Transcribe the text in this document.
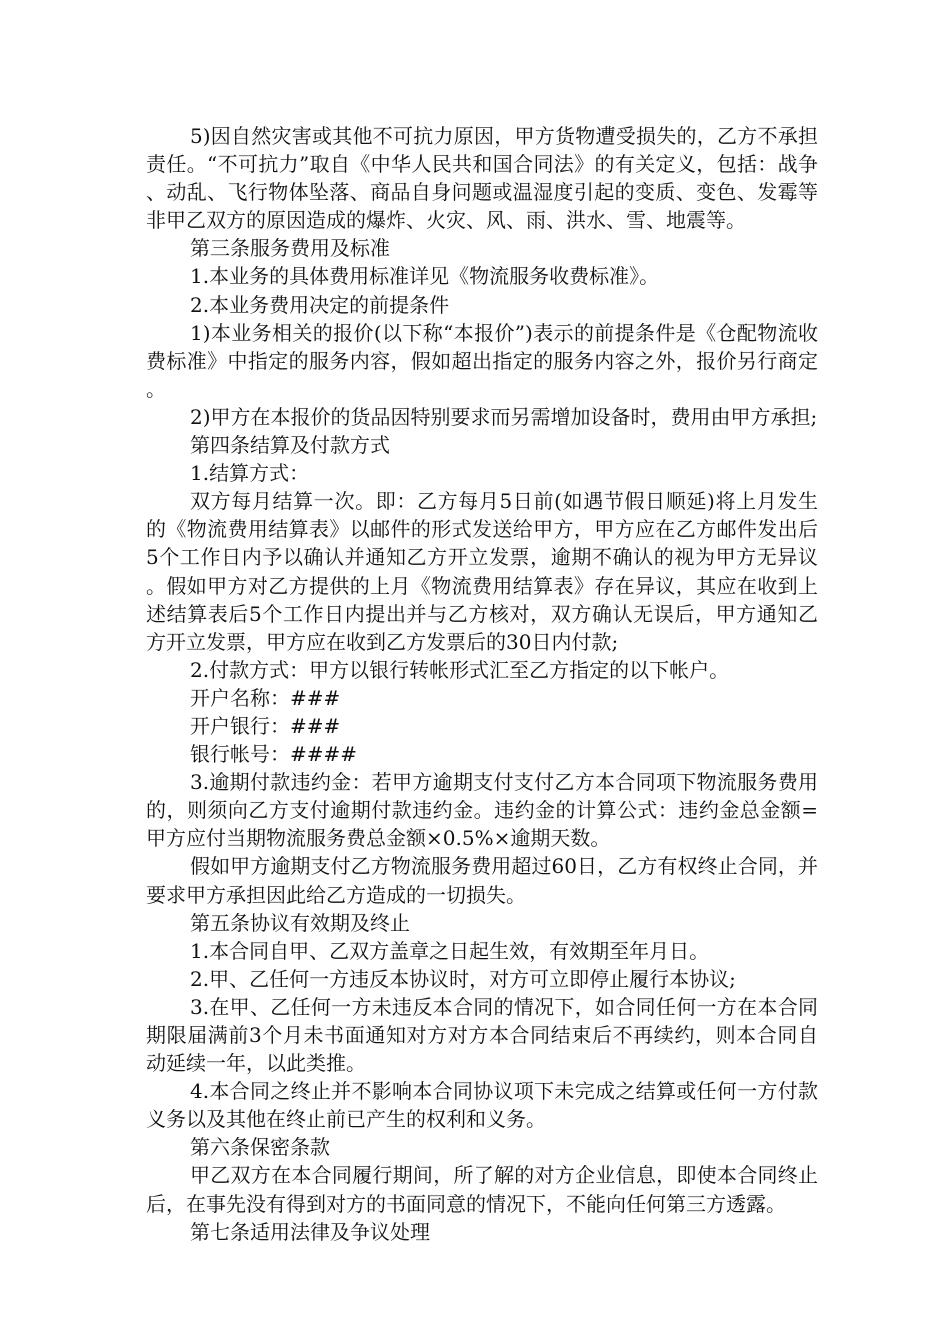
5)因自然灾害或其他不可抗力原因，甲方货物遭受损失的，乙方不承担责任。“不可抗力”取自《中华人民共和国合同法》的有关定义，包括：战争、动乱、飞行物体坠落、商品自身问题或温湿度引起的变质、变色、发霉等非甲乙双方的原因造成的爆炸、火灾、风、雨、洪水、雪、地震等。

第三条服务费用及标准

1.本业务的具体费用标准详见《物流服务收费标准》。

2.本业务费用决定的前提条件

1)本业务相关的报价(以下称“本报价”)表示的前提条件是《仓配物流收费标准》中指定的服务内容，假如超出指定的服务内容之外，报价另行商定。

2)甲方在本报价的货品因特别要求而另需增加设备时，费用由甲方承担;

第四条结算及付款方式

1.结算方式：

双方每月结算一次。即：乙方每月5日前(如遇节假日顺延)将上月发生的《物流费用结算表》以邮件的形式发送给甲方，甲方应在乙方邮件发出后5个工作日内予以确认并通知乙方开立发票，逾期不确认的视为甲方无异议。假如甲方对乙方提供的上月《物流费用结算表》存在异议，其应在收到上述结算表后5个工作日内提出并与乙方核对，双方确认无误后，甲方通知乙方开立发票，甲方应在收到乙方发票后的30日内付款;

2.付款方式：甲方以银行转帐形式汇至乙方指定的以下帐户。

开户名称：###

开户银行：###

银行帐号：####

3.逾期付款违约金：若甲方逾期支付支付乙方本合同项下物流服务费用的，则须向乙方支付逾期付款违约金。违约金的计算公式：违约金总金额=甲方应付当期物流服务费总金额×0.5%×逾期天数。

假如甲方逾期支付乙方物流服务费用超过60日，乙方有权终止合同，并要求甲方承担因此给乙方造成的一切损失。

第五条协议有效期及终止

1.本合同自甲、乙双方盖章之日起生效，有效期至年月日。

2.甲、乙任何一方违反本协议时，对方可立即停止履行本协议;

3.在甲、乙任何一方未违反本合同的情况下，如合同任何一方在本合同期限届满前3个月未书面通知对方对方本合同结束后不再续约，则本合同自动延续一年，以此类推。

4.本合同之终止并不影响本合同协议项下未完成之结算或任何一方付款义务以及其他在终止前已产生的权利和义务。

第六条保密条款

甲乙双方在本合同履行期间，所了解的对方企业信息，即使本合同终止后，在事先没有得到对方的书面同意的情况下，不能向任何第三方透露。

第七条适用法律及争议处理
